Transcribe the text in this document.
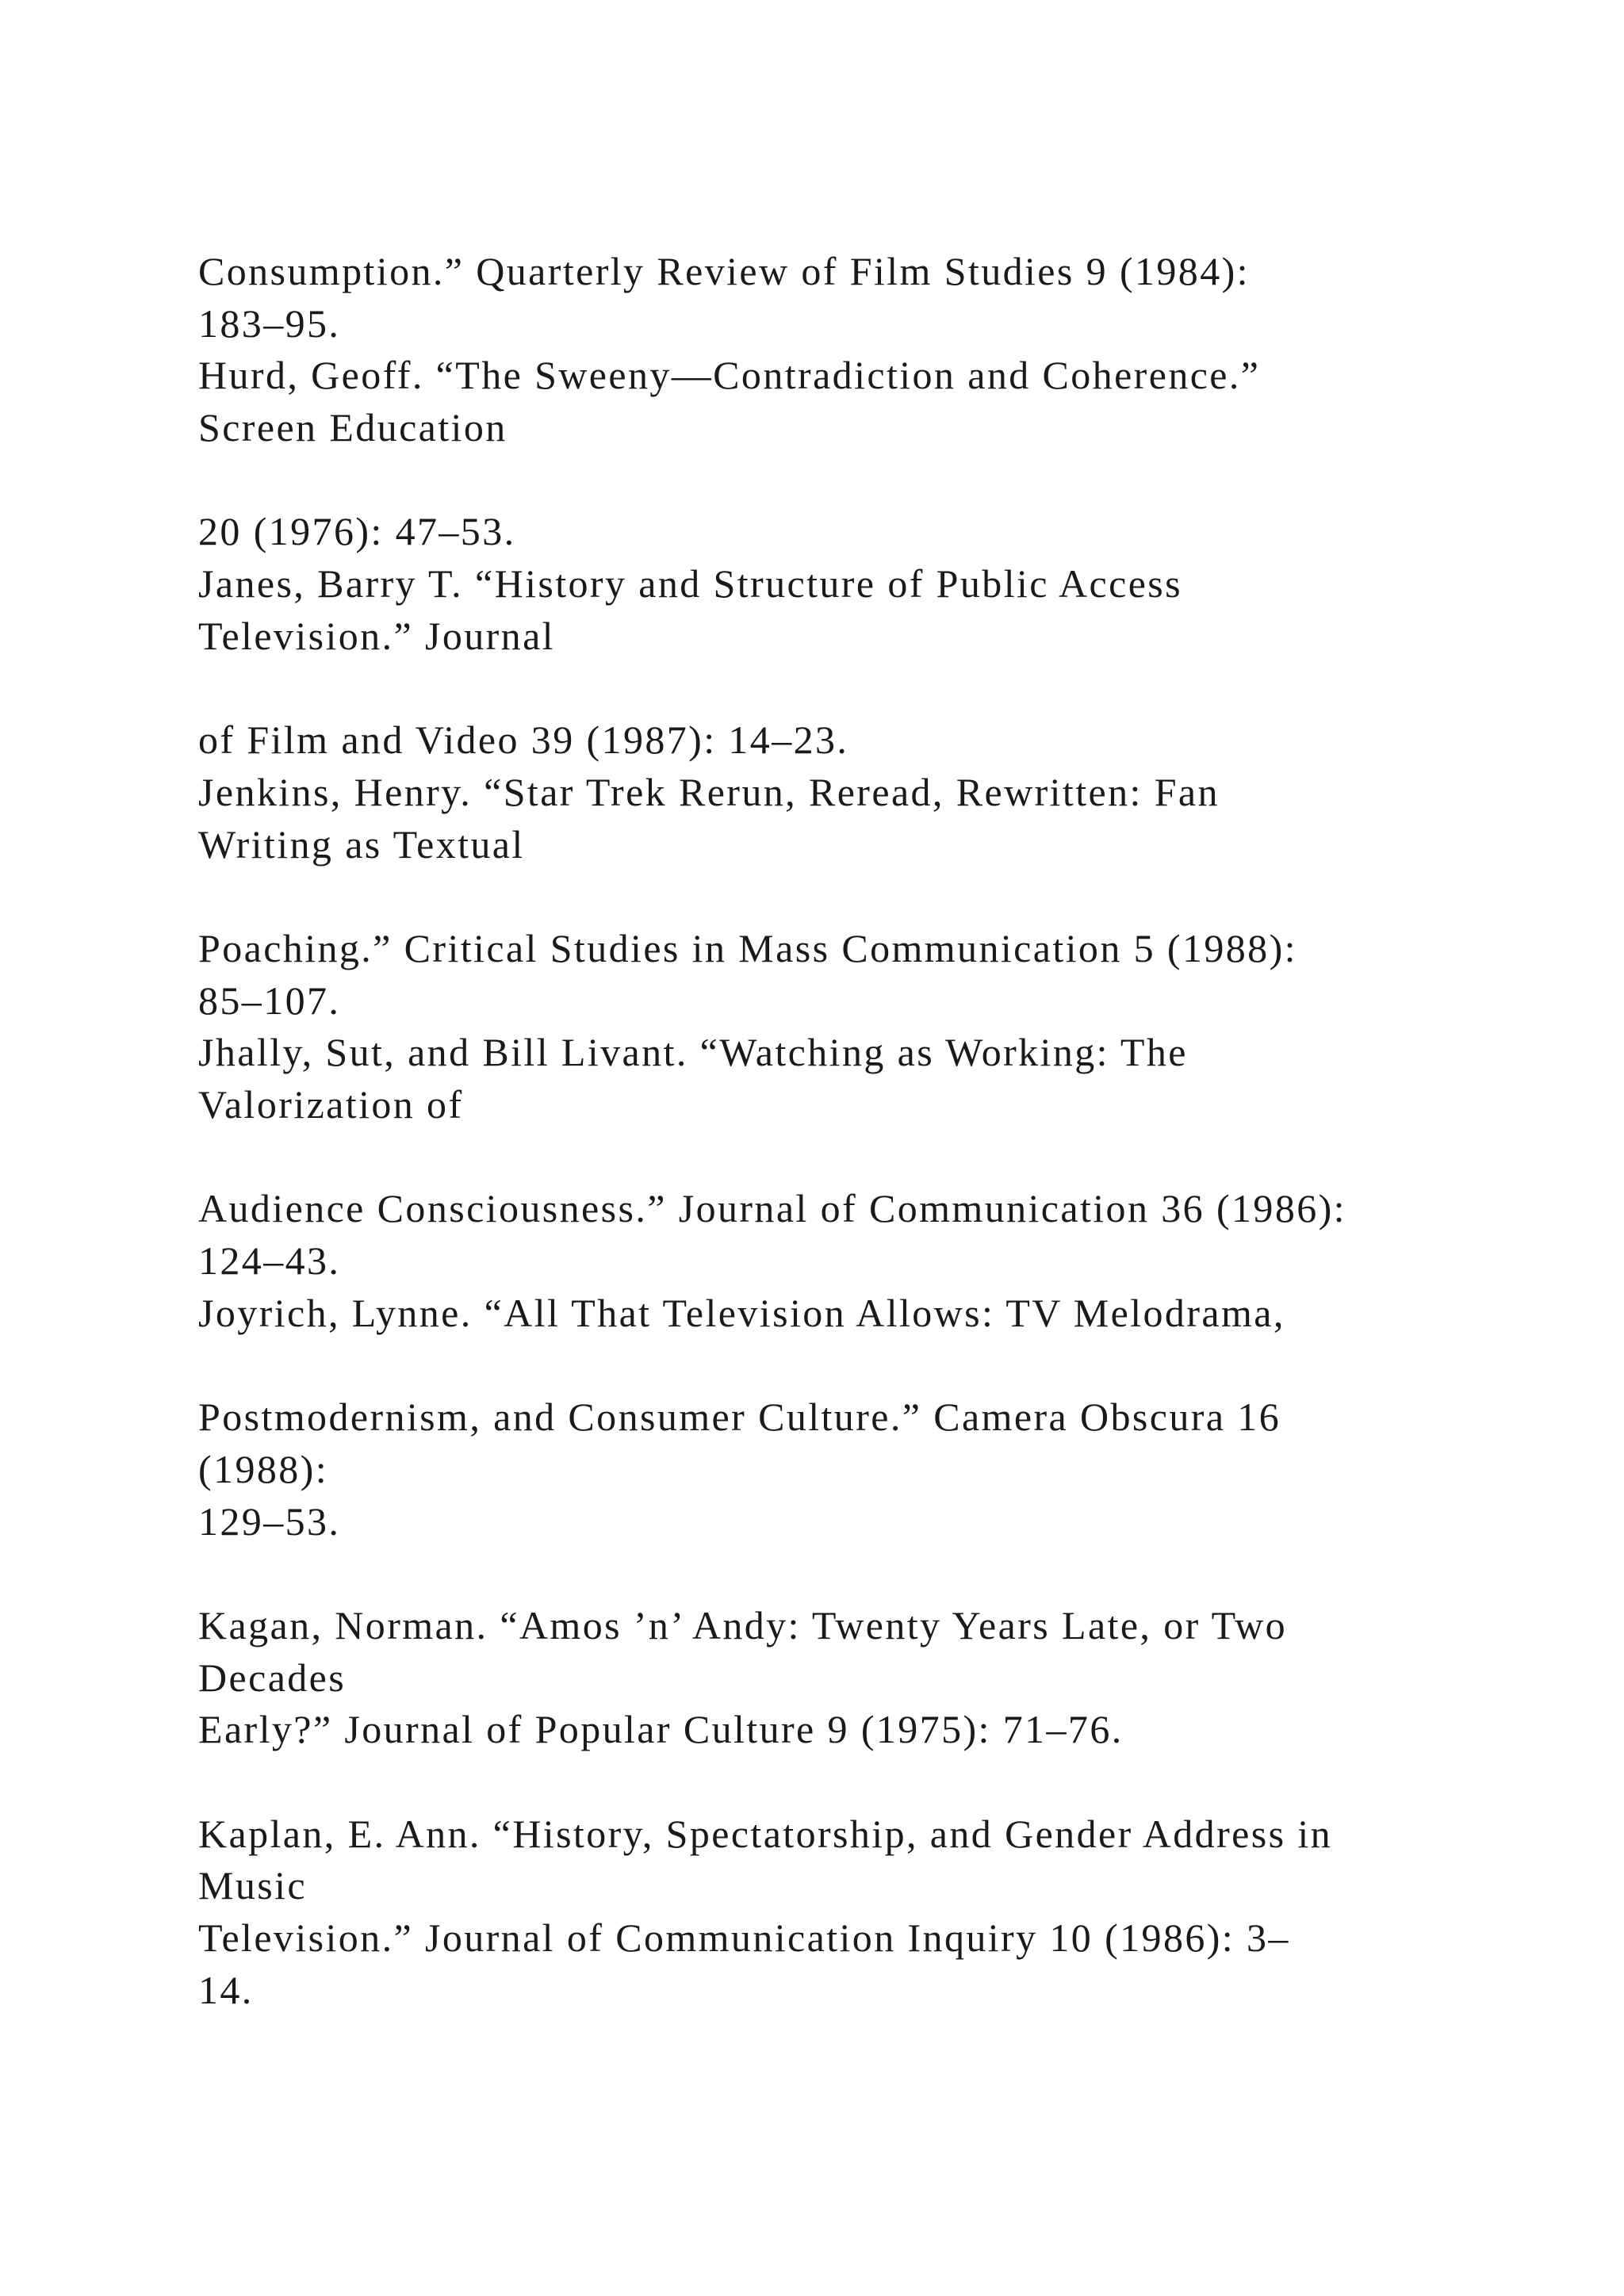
Consumption.” Quarterly Review of Film Studies 9 (1984):
183–95.
Hurd, Geoff. “The Sweeny—Contradiction and Coherence.”
Screen Education
20 (1976): 47–53.
Janes, Barry T. “History and Structure of Public Access
Television.” Journal
of Film and Video 39 (1987): 14–23.
Jenkins, Henry. “Star Trek Rerun, Reread, Rewritten: Fan
Writing as Textual
Poaching.” Critical Studies in Mass Communication 5 (1988):
85–107.
Jhally, Sut, and Bill Livant. “Watching as Working: The
Valorization of
Audience Consciousness.” Journal of Communication 36 (1986):
124–43.
Joyrich, Lynne. “All That Television Allows: TV Melodrama,
Postmodernism, and Consumer Culture.” Camera Obscura 16
(1988):
129–53.
Kagan, Norman. “Amos ’n’ Andy: Twenty Years Late, or Two
Decades
Early?” Journal of Popular Culture 9 (1975): 71–76.
Kaplan, E. Ann. “History, Spectatorship, and Gender Address in
Music
Television.” Journal of Communication Inquiry 10 (1986): 3–
14.
